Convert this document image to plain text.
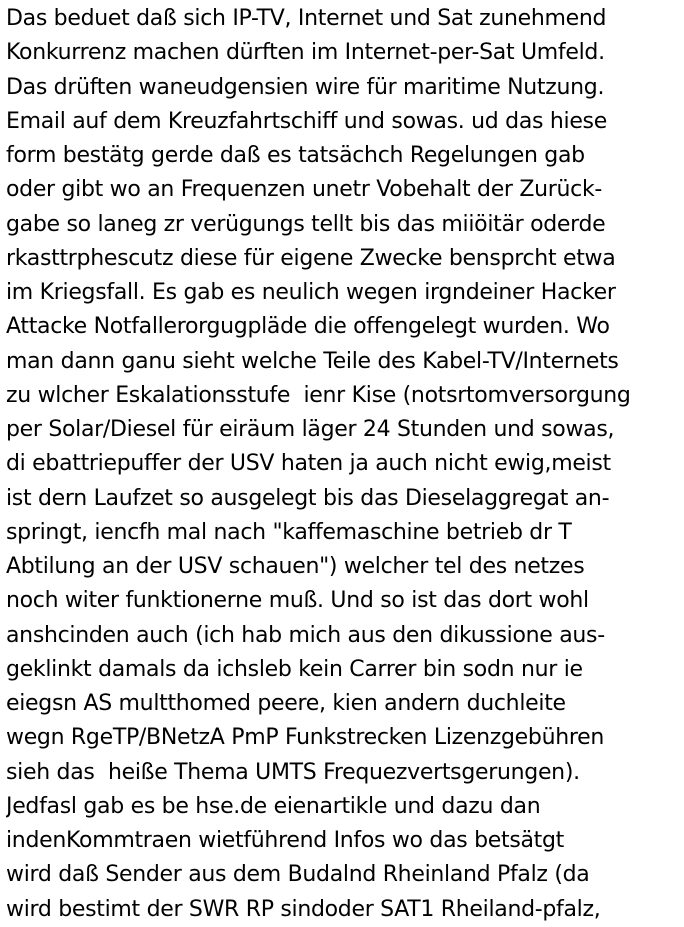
Das beduet daß sich IP-TV, Internet und Sat zunehmend
Konkurrenz machen dürften im Internet-per-Sat Umfeld.
Das drüften waneudgensien wire für maritime Nutzung.
Email auf dem Kreuzfahrtschiff und sowas. ud das hiese
form bestätg gerde daß es tatsächch Regelungen gab
oder gibt wo an Frequenzen unetr Vobehalt der Zurück-
gabe so laneg zr verügungs tellt bis das miiöitär oderde
rkasttrphescutz diese für eigene Zwecke bensprcht etwa
im Kriegsfall. Es gab es neulich wegen irgndeiner Hacker
Attacke Notfallerorgugpläde die offengelegt wurden. Wo
man dann ganu sieht welche Teile des Kabel-TV/Internets
zu wlcher Eskalationsstufe  ienr Kise (notsrtomversorgung
per Solar/Diesel für eiräum läger 24 Stunden und sowas,
di ebattriepuffer der USV haten ja auch nicht ewig,meist
ist dern Laufzet so ausgelegt bis das Dieselaggregat an-
springt, iencfh mal nach "kaffemaschine betrieb dr T
Abtilung an der USV schauen") welcher tel des netzes
noch witer funktionerne muß. Und so ist das dort wohl
anshcinden auch (ich hab mich aus den dikussione aus-
geklinkt damals da ichsleb kein Carrer bin sodn nur ie
eiegsn AS multthomed peere, kien andern duchleite
wegn RgeTP/BNetzA PmP Funkstrecken Lizenzgebühren
sieh das  heiße Thema UMTS Frequezvertsgerungen).
Jedfasl gab es be hse.de eienartikle und dazu dan
indenKommtraen wietführend Infos wo das betsätgt
wird daß Sender aus dem Budalnd Rheinland Pfalz (da
wird bestimt der SWR RP sindoder SAT1 Rheiland-pfalz,
